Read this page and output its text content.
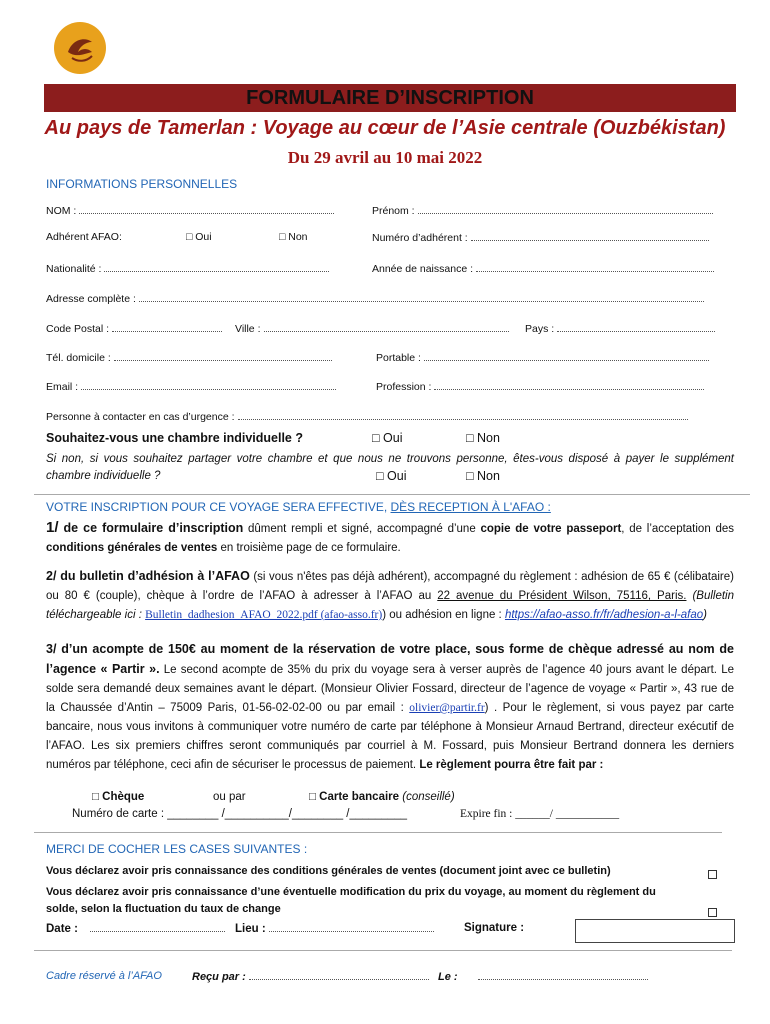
FORMULAIRE D’INSCRIPTION
Au pays de Tamerlan : Voyage au cœur de l’Asie centrale (Ouzbékistan)
Du 29 avril au 10 mai 2022
INFORMATIONS PERSONNELLES
NOM :	Prénom :
Adhérent AFAO:	□ Oui	□ Non	Numéro d’adhérent :
Nationalité :	Année de naissance :
Adresse complète :
Code Postal :	Ville :	Pays :
Tél. domicile :	Portable :
Email :	Profession :
Personne à contacter en cas d’urgence :
Souhaitez-vous une chambre individuelle ?	□ Oui	□ Non
Si non, si vous souhaitez partager votre chambre et que nous ne trouvons personne, êtes-vous disposé à payer le supplément chambre individuelle ?	□ Oui	□ Non
VOTRE INSCRIPTION POUR CE VOYAGE SERA EFFECTIVE, DÈS RECEPTION À L'AFAO :
1/ de ce formulaire d’inscription dûment rempli et signé, accompagné d’une copie de votre passeport, de l’acceptation des conditions générales de ventes en troisième page de ce formulaire.
2/ du bulletin d’adhésion à l’AFAO (si vous n'êtes pas déjà adhérent), accompagné du règlement : adhésion de 65 € (célibataire) ou 80 € (couple), chèque à l’ordre de l’AFAO à adresser à l’AFAO au 22 avenue du Président Wilson, 75116, Paris. (Bulletin téléchargeable ici : Bulletin_dadhesion_AFAO_2022.pdf (afao-asso.fr)) ou adhésion en ligne : https://afao-asso.fr/fr/adhesion-a-l-afao)
3/ d’un acompte de 150€ au moment de la réservation de votre place, sous forme de chèque adressé au nom de l’agence « Partir ». Le second acompte de 35% du prix du voyage sera à verser auprès de l’agence 40 jours avant le départ. Le solde sera demandé deux semaines avant le départ. (Monsieur Olivier Fossard, directeur de l’agence de voyage « Partir », 43 rue de la Chaussée d’Antin – 75009 Paris, 01-56-02-02-00 ou par email : olivier@partir.fr) . Pour le règlement, si vous payez par carte bancaire, nous vous invitons à communiquer votre numéro de carte par téléphone à Monsieur Arnaud Bertrand, directeur exécutif de l’AFAO. Les six premiers chiffres seront communiqués par courriel à M. Fossard, puis Monsieur Bertrand donnera les derniers numéros par téléphone, ceci afin de sécuriser le processus de paiement. Le règlement pourra être fait par :
□ Chèque	ou par	□ Carte bancaire (conseillé)
Numéro de carte : ________ /__________/________ /_________	Expire fin : ______/ ___________
MERCI DE COCHER LES CASES SUIVANTES :
Vous déclarez avoir pris connaissance des conditions générales de ventes (document joint avec ce bulletin)
Vous déclarez avoir pris connaissance d’une éventuelle modification du prix du voyage, au moment du règlement du solde, selon la fluctuation du taux de change
Date :	Lieu :	Signature :
Cadre réservé à l’AFAO	Reçu par :	Le :
